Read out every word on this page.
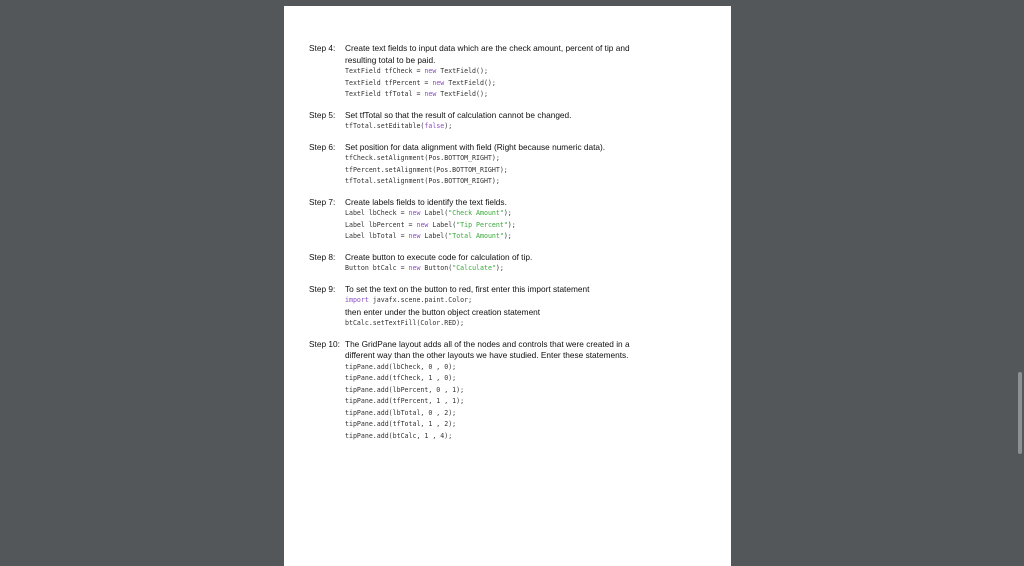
Step 4:	Create text fields to input data which are the check amount, percent of tip and
resulting total to be paid.
TextField tfCheck = new TextField();
TextField tfPercent = new TextField();
TextField tfTotal = new TextField();
Step 5:	Set tfTotal so that the result of calculation cannot be changed.
tfTotal.setEditable(false);
Step 6:	Set position for data alignment with field (Right because numeric data).
tfCheck.setAlignment(Pos.BOTTOM_RIGHT);
tfPercent.setAlignment(Pos.BOTTOM_RIGHT);
tfTotal.setAlignment(Pos.BOTTOM_RIGHT);
Step 7:	Create labels fields to identify the text fields.
Label lbCheck = new Label("Check Amount");
Label lbPercent = new Label("Tip Percent");
Label lbTotal = new Label("Total Amount");
Step 8:	Create button to execute code for calculation of tip.
Button btCalc = new Button("Calculate");
Step 9:	To set the text on the button to red, first enter this import statement
import javafx.scene.paint.Color;
then enter under the button object creation statement
btCalc.setTextFill(Color.RED);
Step 10: The GridPane layout adds all of the nodes and controls that were created in a
different way than the other layouts we have studied. Enter these statements.
tipPane.add(lbCheck, 0 , 0);
tipPane.add(tfCheck, 1 , 0);
tipPane.add(lbPercent, 0 , 1);
tipPane.add(tfPercent, 1 , 1);
tipPane.add(lbTotal, 0 , 2);
tipPane.add(tfTotal, 1 , 2);
tipPane.add(btCalc, 1 , 4);
